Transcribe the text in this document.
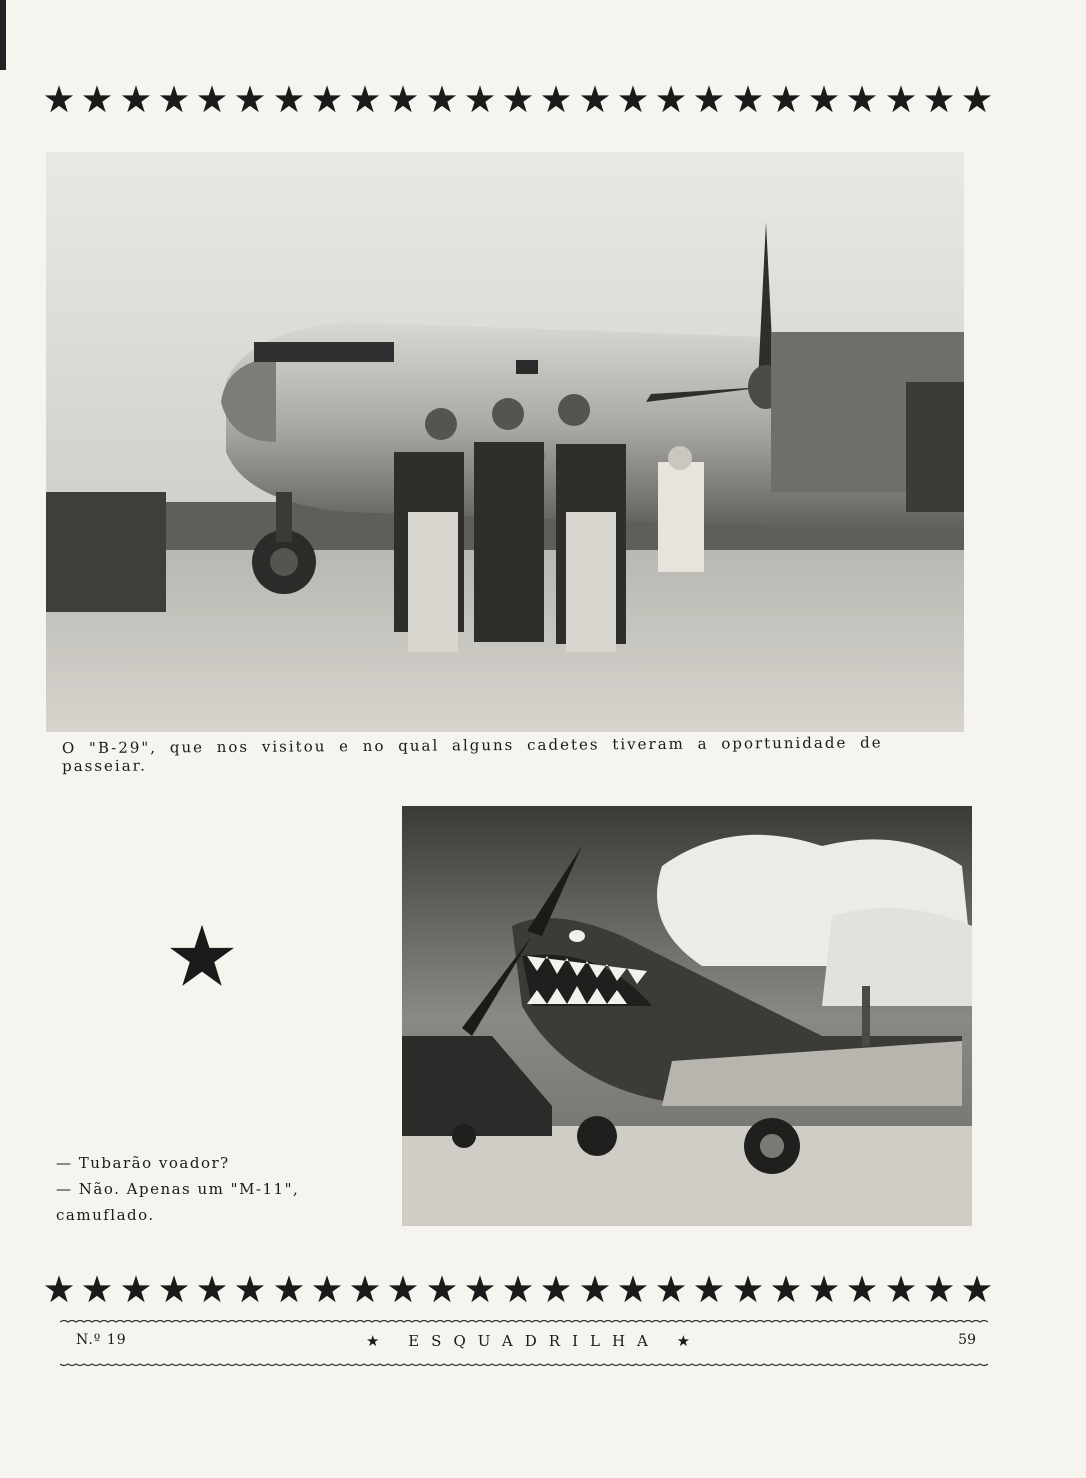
O "B-29", que nos visitou e no qual alguns cadetes tiveram a oportunidade de passeiar.
— Tubarão voador?
— Não. Apenas um "M-11",
camuflado.
N.º 19	★ ESQUADRILHA ★	59
